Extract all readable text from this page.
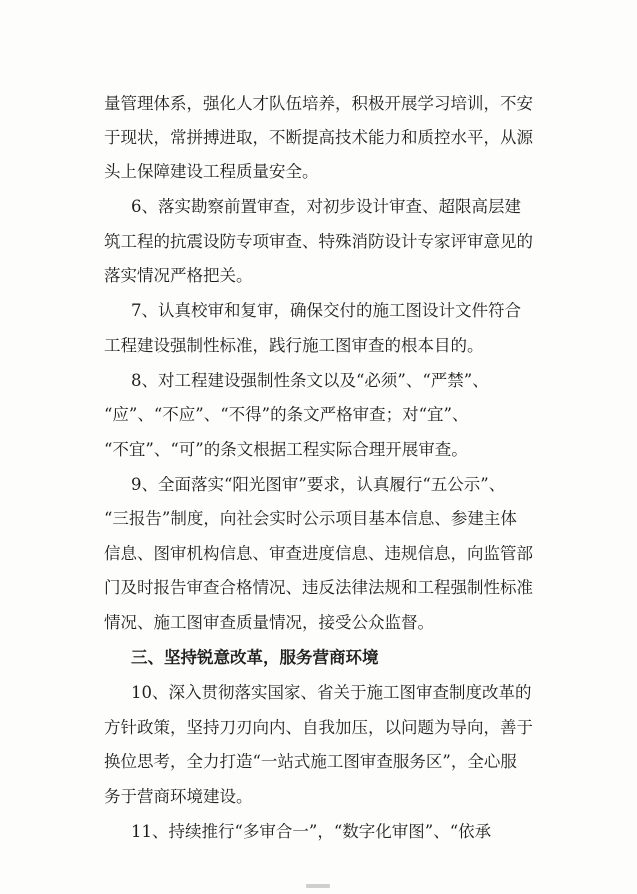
量管理体系，强化人才队伍培养，积极开展学习培训，不安
于现状，常拼搏进取，不断提高技术能力和质控水平，从源
头上保障建设工程质量安全。
6、落实勘察前置审查，对初步设计审查、超限高层建
筑工程的抗震设防专项审查、特殊消防设计专家评审意见的
落实情况严格把关。
7、认真校审和复审，确保交付的施工图设计文件符合
工程建设强制性标准，践行施工图审查的根本目的。
8、对工程建设强制性条文以及“必须”、“严禁”、
“应”、“不应”、“不得”的条文严格审查；对“宜”、
“不宜”、“可”的条文根据工程实际合理开展审查。
9、全面落实“阳光图审”要求，认真履行“五公示”、
“三报告”制度，向社会实时公示项目基本信息、参建主体
信息、图审机构信息、审查进度信息、违规信息，向监管部
门及时报告审查合格情况、违反法律法规和工程强制性标准
情况、施工图审查质量情况，接受公众监督。
三、坚持锐意改革，服务营商环境
10、深入贯彻落实国家、省关于施工图审查制度改革的
方针政策，坚持刀刃向内、自我加压，以问题为导向，善于
换位思考，全力打造“一站式施工图审查服务区”，全心服
务于营商环境建设。
11、持续推行“多审合一”，“数字化审图”、“依承
